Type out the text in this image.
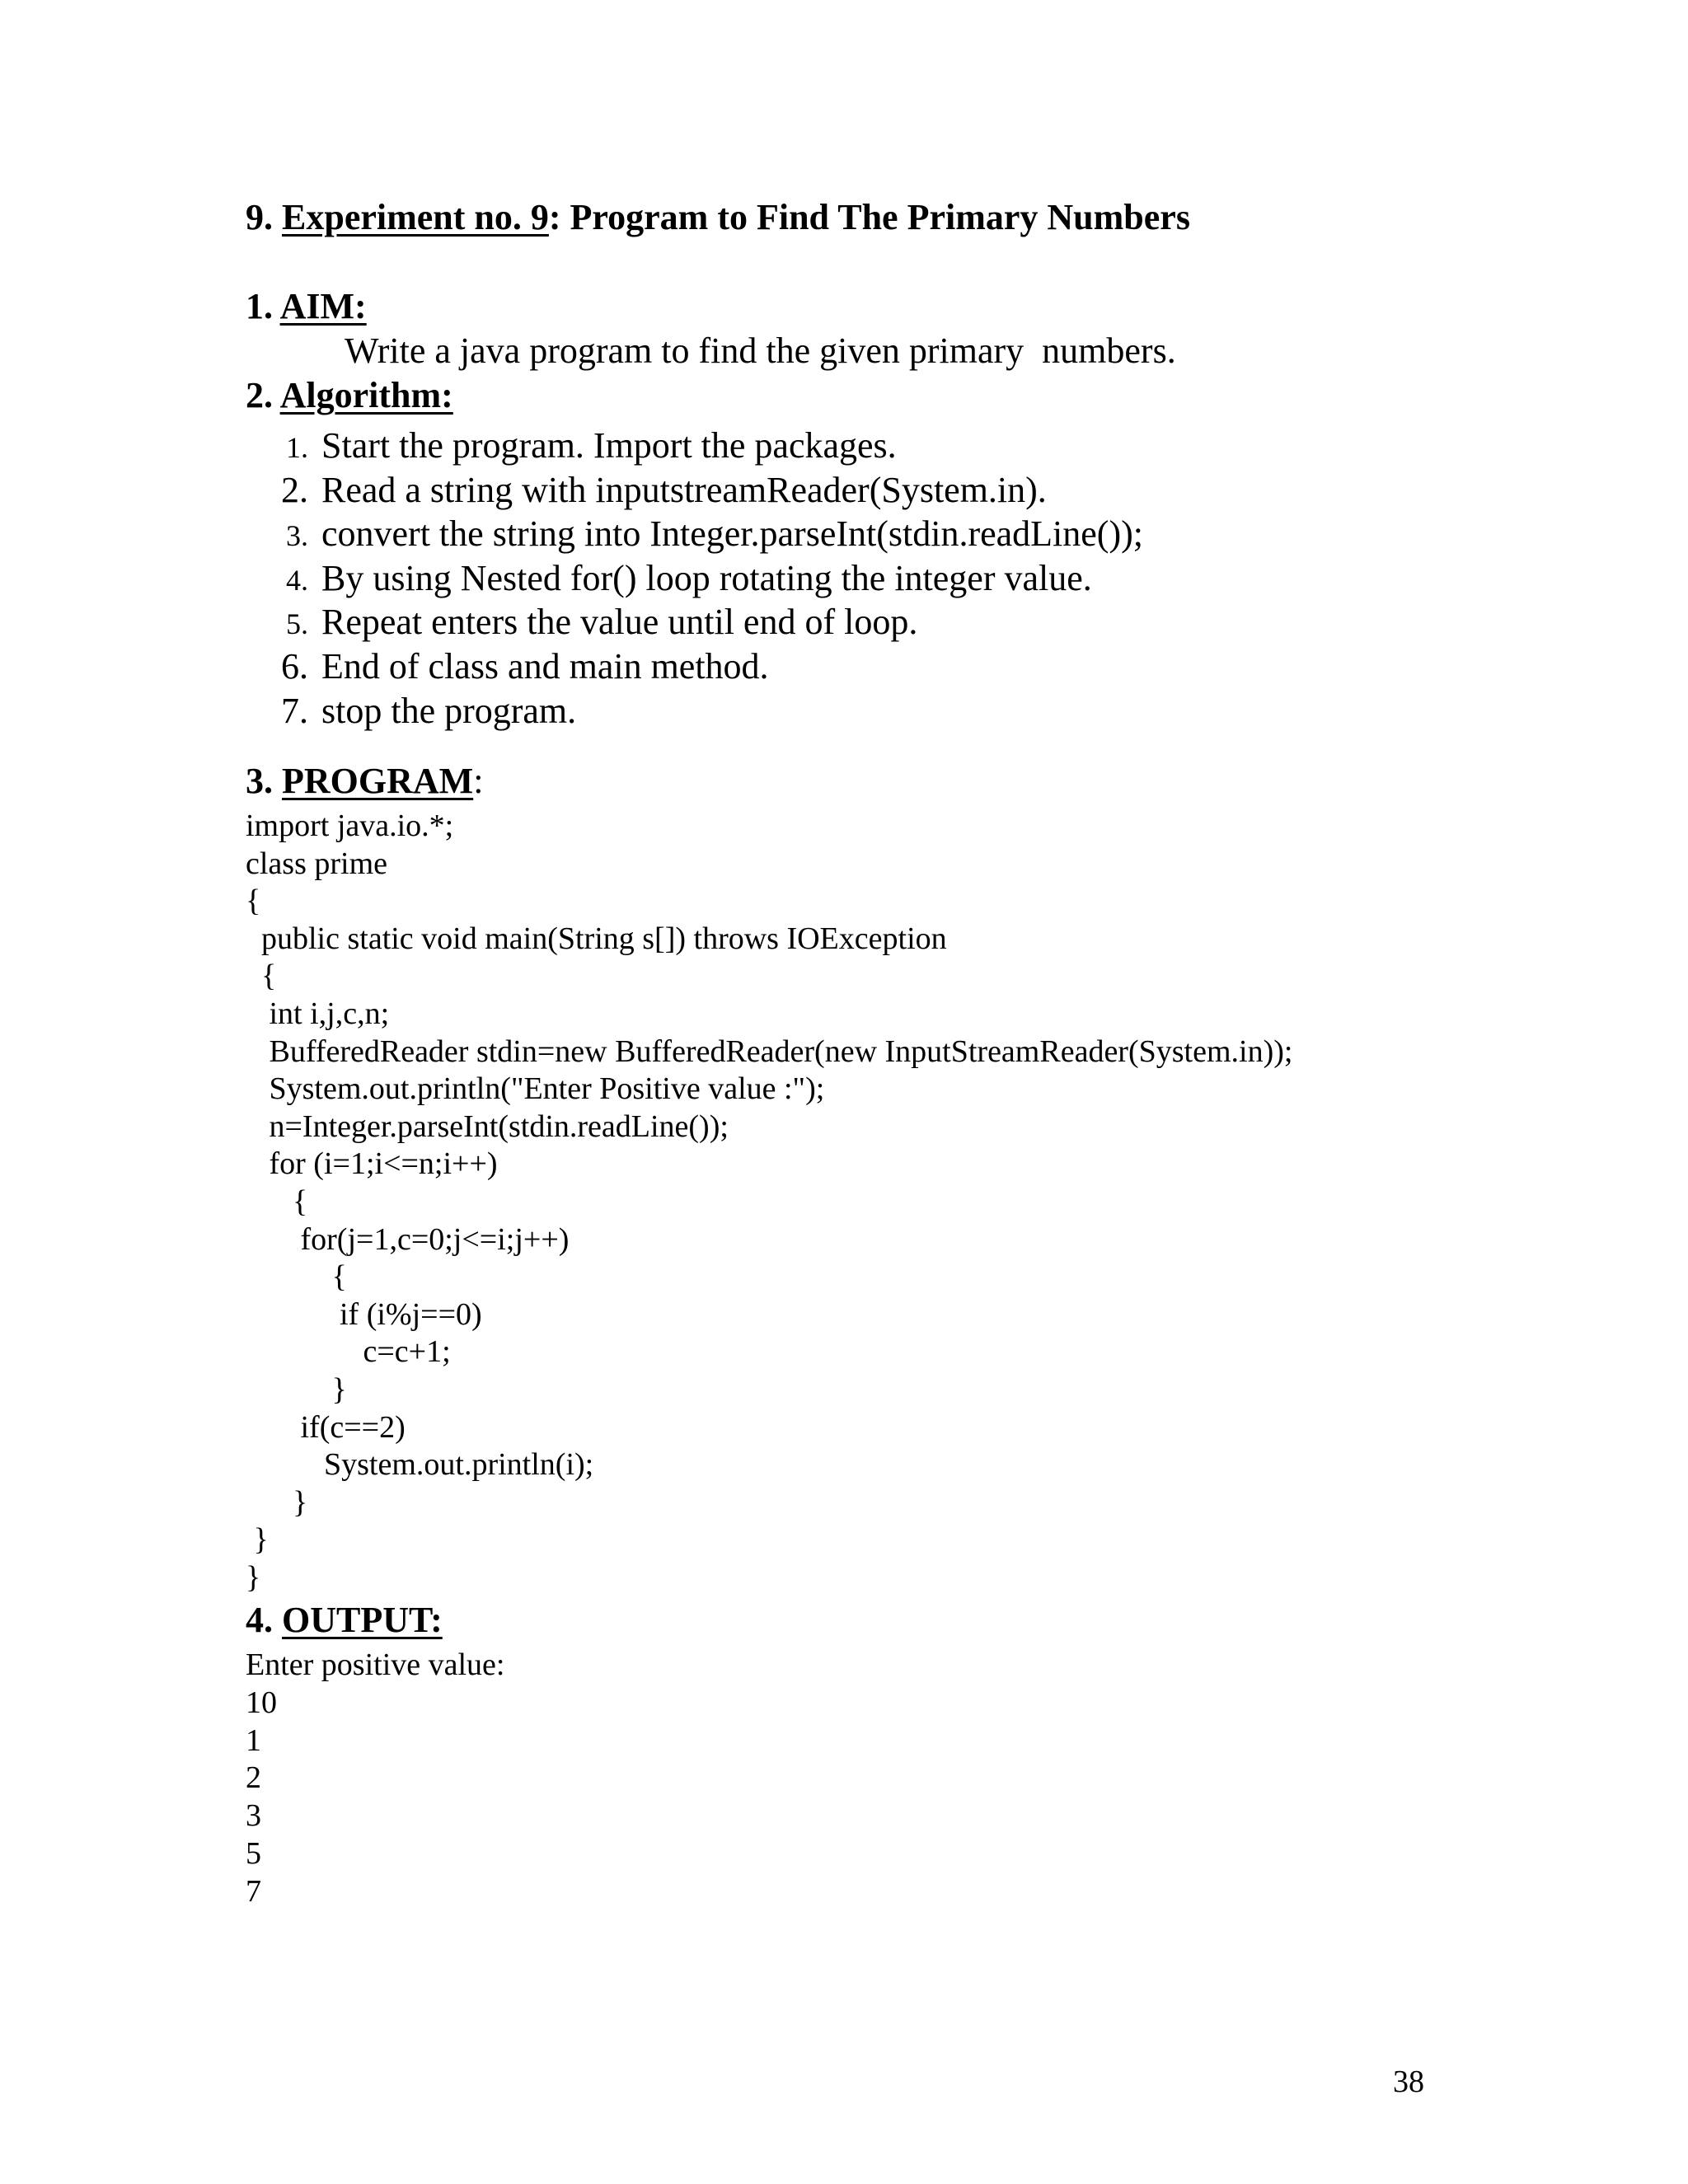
9. Experiment no. 9: Program to Find The Primary Numbers
1. AIM:
Write a java program to find the given primary  numbers.
2. Algorithm:
1. Start the program. Import the packages.
2. Read a string with inputstreamReader(System.in).
3. convert the string into Integer.parseInt(stdin.readLine());
4. By using Nested for() loop rotating the integer value.
5. Repeat enters the value until end of loop.
6. End of class and main method.
7. stop the program.
3. PROGRAM:
import java.io.*;
class prime
{
public static void main(String s[]) throws IOException
{
int i,j,c,n;
BufferedReader stdin=new BufferedReader(new InputStreamReader(System.in));
System.out.println("Enter Positive value :");
n=Integer.parseInt(stdin.readLine());
for (i=1;i<=n;i++)
{
for(j=1,c=0;j<=i;j++)
{
if (i%j==0)
c=c+1;
}
if(c==2)
System.out.println(i);
}
}
}
4. OUTPUT:
Enter positive value:
10
1
2
3
5
7
38
